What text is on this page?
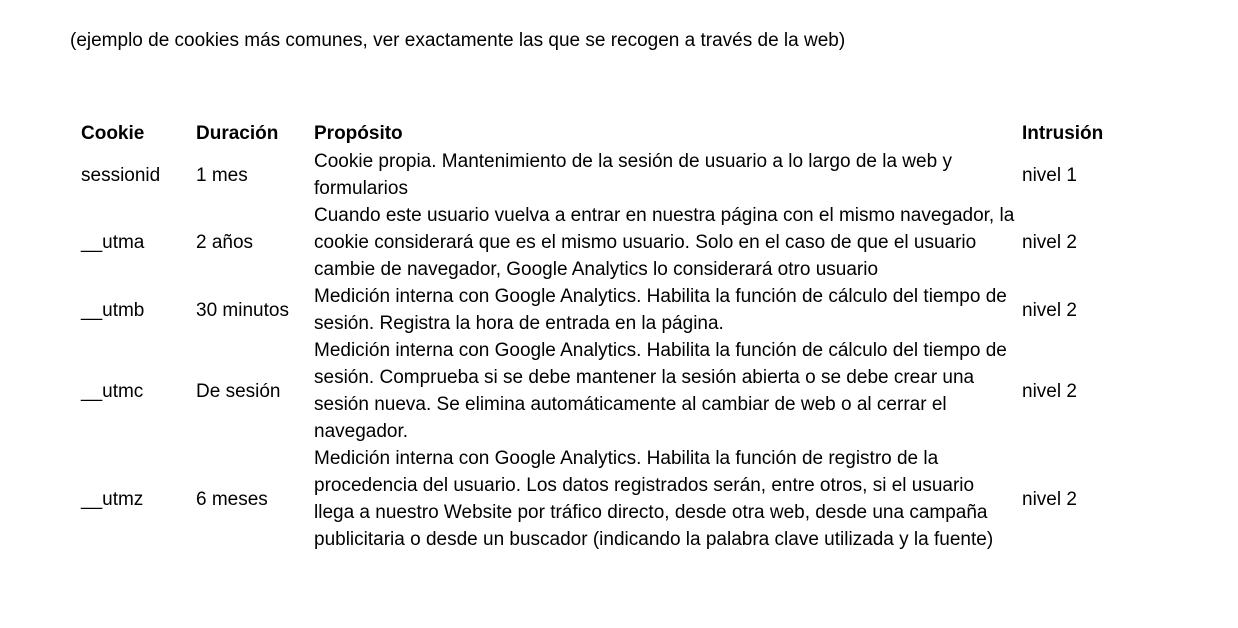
(ejemplo de cookies más comunes, ver exactamente las que se recogen a través de la web)
Cookie	Duración	Propósito	Intrusión
sessionid	1 mes	Cookie propia. Mantenimiento de la sesión de usuario a lo largo de la web y formularios	nivel 1
__utma	2 años	Cuando este usuario vuelva a entrar en nuestra página con el mismo navegador, la cookie considerará que es el mismo usuario. Solo en el caso de que el usuario cambie de navegador, Google Analytics lo considerará otro usuario	nivel 2
__utmb	30 minutos	Medición interna con Google Analytics. Habilita la función de cálculo del tiempo de sesión. Registra la hora de entrada en la página.	nivel 2
__utmc	De sesión	Medición interna con Google Analytics. Habilita la función de cálculo del tiempo de sesión. Comprueba si se debe mantener la sesión abierta o se debe crear una sesión nueva. Se elimina automáticamente al cambiar de web o al cerrar el navegador.	nivel 2
__utmz	6 meses	Medición interna con Google Analytics. Habilita la función de registro de la procedencia del usuario. Los datos registrados serán, entre otros, si el usuario llega a nuestro Website por tráfico directo, desde otra web, desde una campaña publicitaria o desde un buscador (indicando la palabra clave utilizada y la fuente)	nivel 2
